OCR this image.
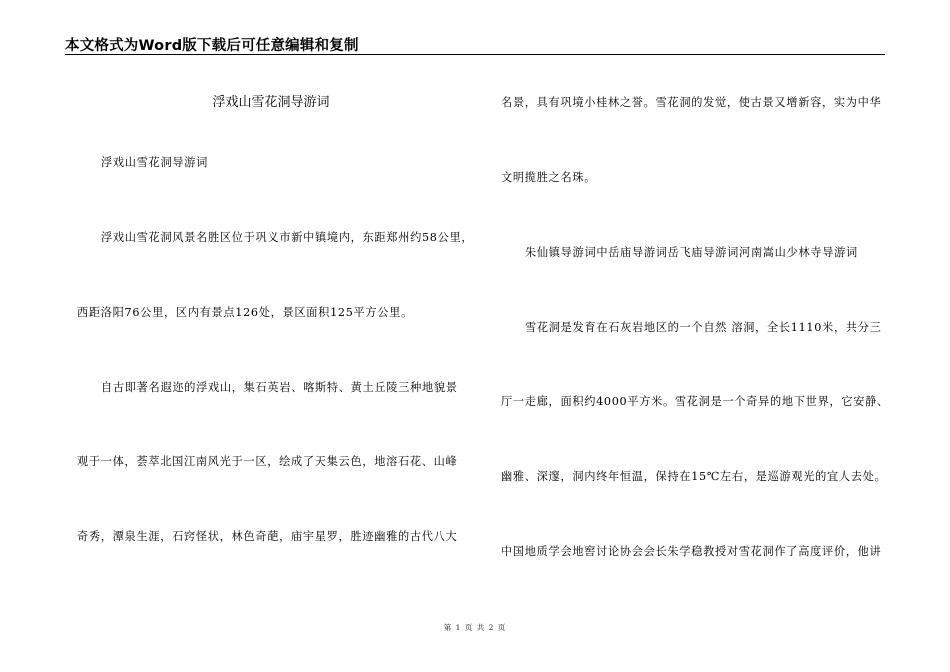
本文格式为Word版下载后可任意编辑和复制
浮戏山雪花洞导游词
浮戏山雪花洞导游词
浮戏山雪花洞风景名胜区位于巩义市新中镇境内，东距郑州约58公里，
西距洛阳76公里，区内有景点126处，景区面积125平方公里。
自古即著名遐迩的浮戏山，集石英岩、喀斯特、黄土丘陵三种地貌景
观于一体，荟萃北国江南风光于一区，绘成了天集云色，地溶石花、山峰
奇秀，潭泉生涯，石窍怪状，林色奇葩，庙宇星罗，胜迹幽雅的古代八大
名景，具有巩境小桂林之誉。雪花洞的发觉，使古景又增新容，实为中华
文明揽胜之名珠。
朱仙镇导游词中岳庙导游词岳飞庙导游词河南嵩山少林寺导游词
雪花洞是发育在石灰岩地区的一个自然 溶洞，全长1110米，共分三
厅一走廊，面积约4000平方米。雪花洞是一个奇异的地下世界，它安静、
幽雅、深邃，洞内终年恒温，保持在15℃左右，是巡游观光的宜人去处。
中国地质学会地窖讨论协会会长朱学稳教授对雪花洞作了高度评价，他讲
第 1 页 共 2 页
